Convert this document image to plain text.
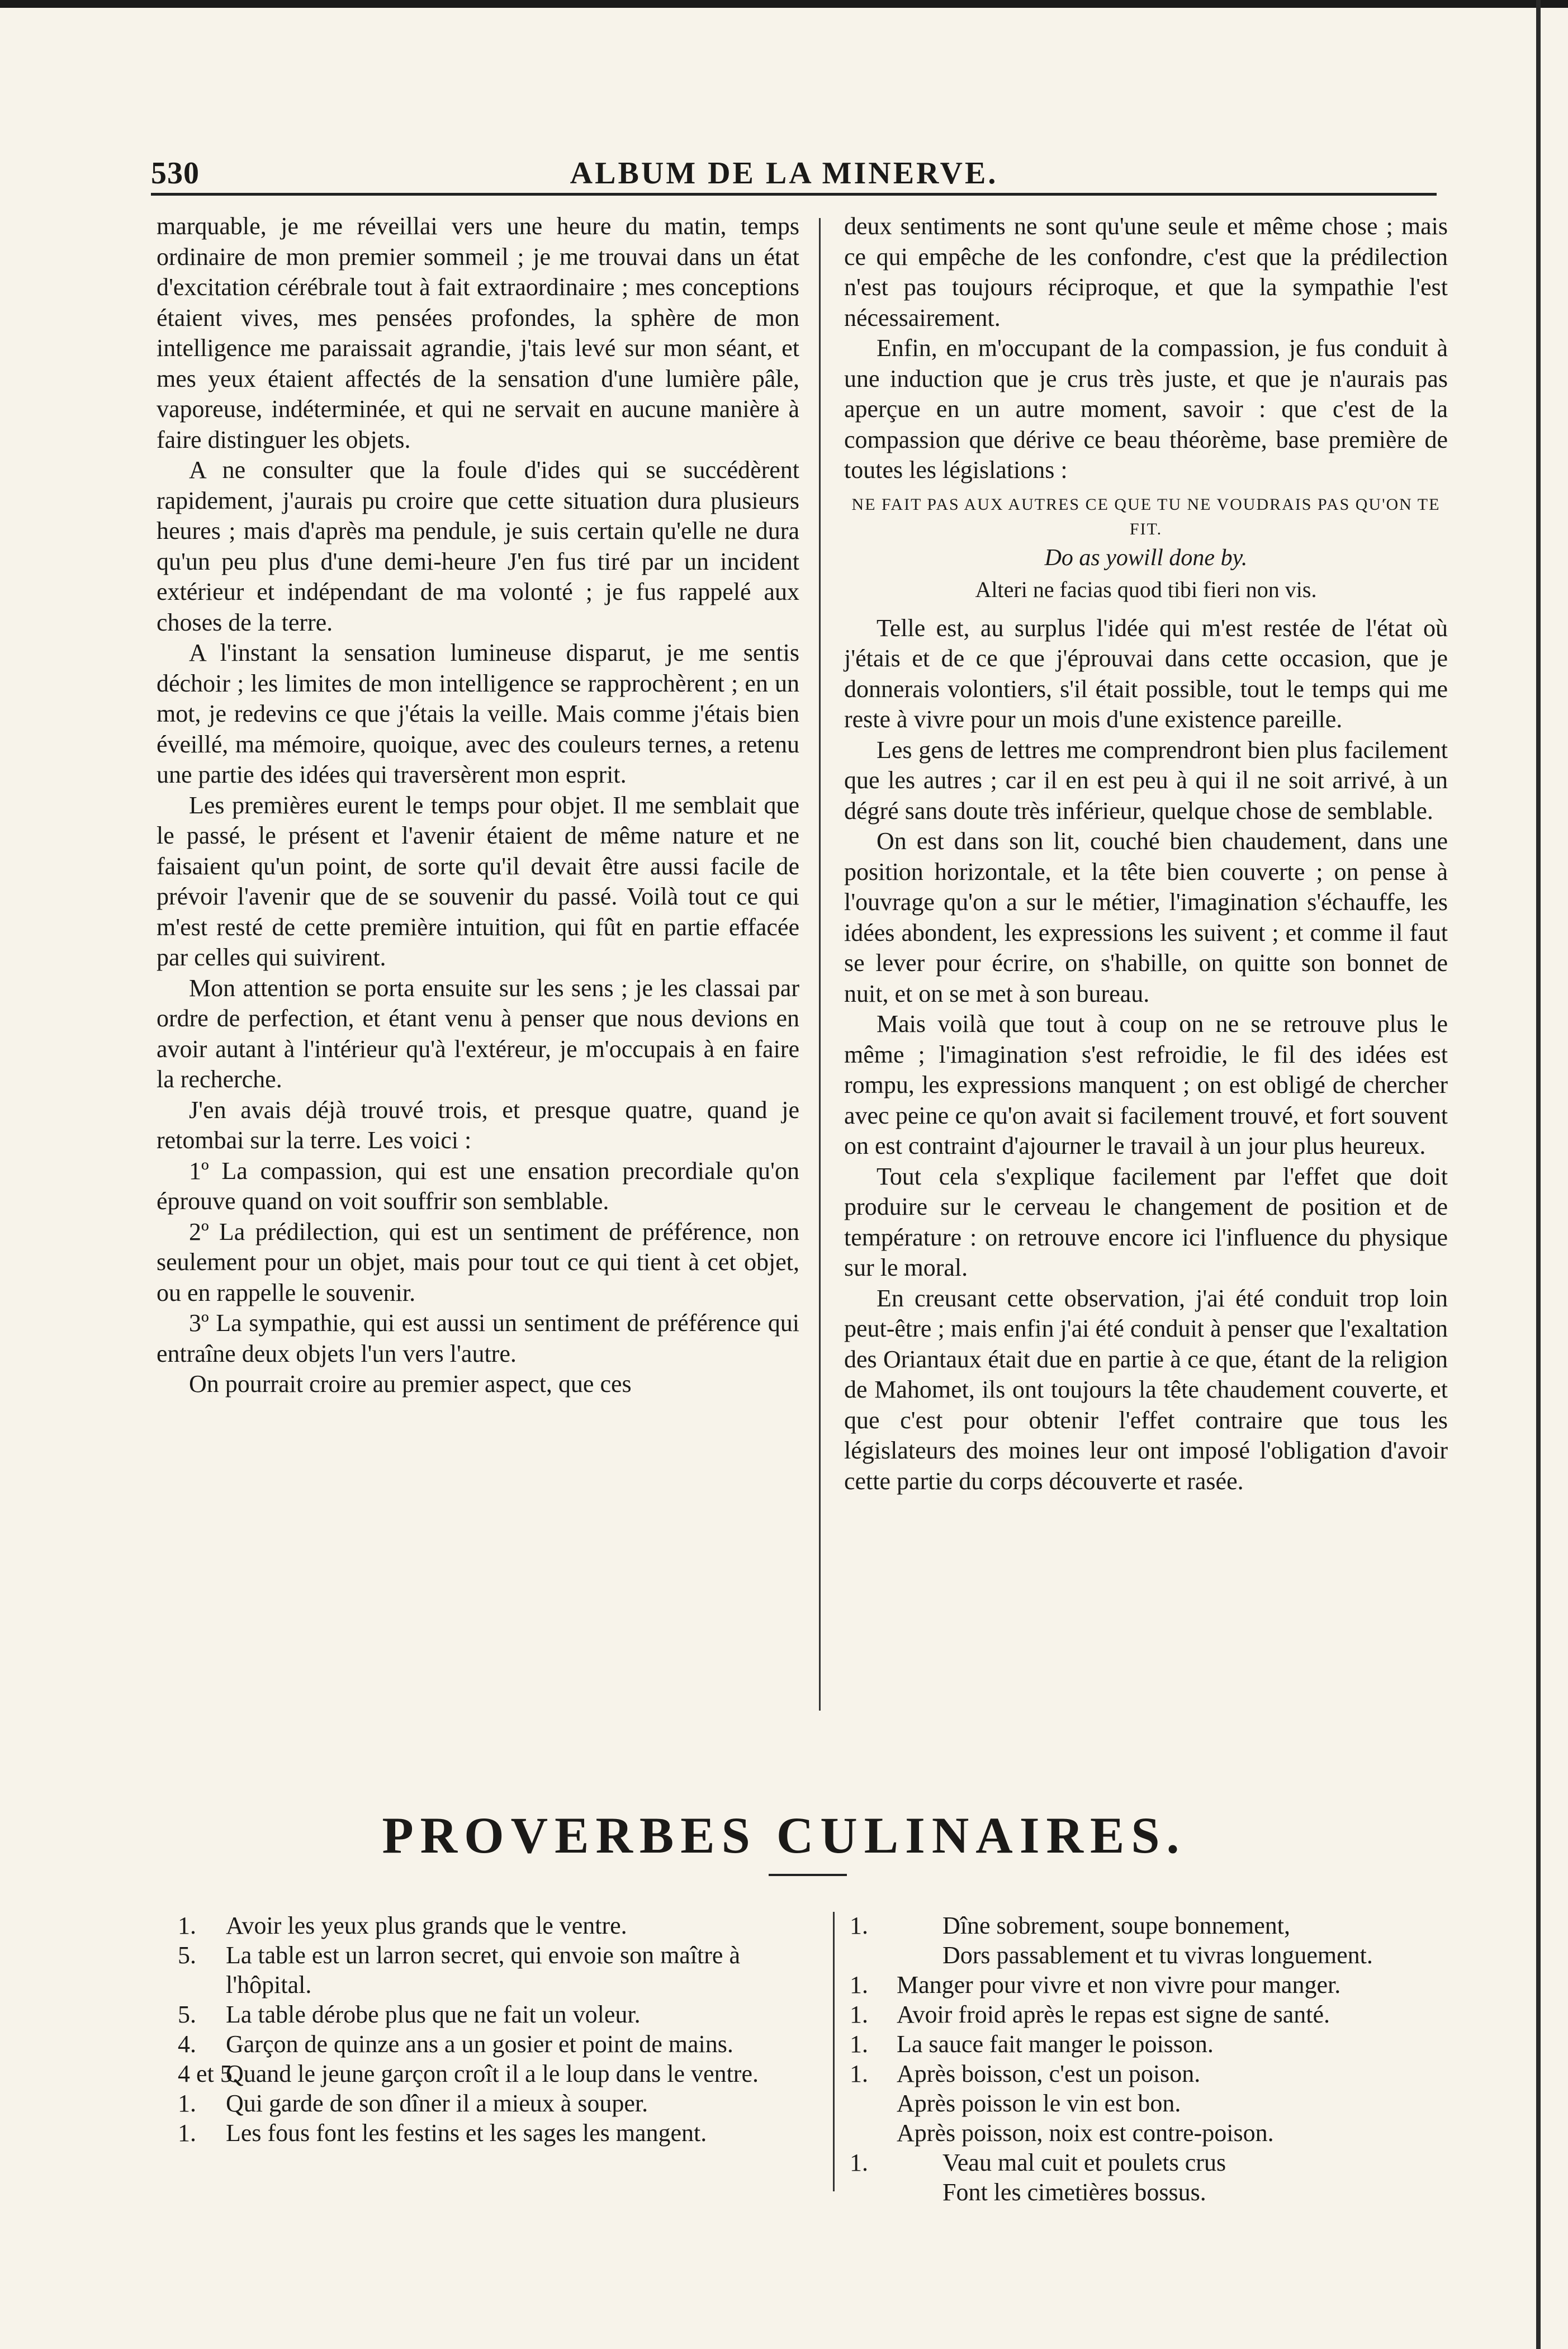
530	ALBUM DE LA MINERVE.

marquable, je me réveillai vers une heure du matin, temps ordinaire de mon premier sommeil ; je me trouvai dans un état d'excitation cérébrale tout à fait extraordinaire ; mes conceptions étaient vives, mes pensées profondes, la sphère de mon intelligence me paraissait agrandie, j'tais levé sur mon séant, et mes yeux étaient affectés de la sensation d'une lumière pâle, vaporeuse, indéterminée, et qui ne servait en aucune manière à faire distinguer les objets.

A ne consulter que la foule d'ides qui se succédèrent rapidement, j'aurais pu croire que cette situation dura plusieurs heures ; mais d'après ma pendule, je suis certain qu'elle ne dura qu'un peu plus d'une demi-heure J'en fus tiré par un incident extérieur et indépendant de ma volonté ; je fus rappelé aux choses de la terre.

A l'instant la sensation lumineuse disparut, je me sentis déchoir ; les limites de mon intelligence se rapprochèrent ; en un mot, je redevins ce que j'étais la veille. Mais comme j'étais bien éveillé, ma mémoire, quoique, avec des couleurs ternes, a retenu une partie des idées qui traversèrent mon esprit.

Les premières eurent le temps pour objet. Il me semblait que le passé, le présent et l'avenir étaient de même nature et ne faisaient qu'un point, de sorte qu'il devait être aussi facile de prévoir l'avenir que de se souvenir du passé. Voilà tout ce qui m'est resté de cette première intuition, qui fût en partie effacée par celles qui suivirent.

Mon attention se porta ensuite sur les sens ; je les classai par ordre de perfection, et étant venu à penser que nous devions en avoir autant à l'intérieur qu'à l'extéreur, je m'occupais à en faire la recherche.

J'en avais déjà trouvé trois, et presque quatre, quand je retombai sur la terre. Les voici :

1º La compassion, qui est une ensation precordiale qu'on éprouve quand on voit souffrir son semblable.

2º La prédilection, qui est un sentiment de préférence, non seulement pour un objet, mais pour tout ce qui tient à cet objet, ou en rappelle le souvenir.

3º La sympathie, qui est aussi un sentiment de préférence qui entraîne deux objets l'un vers l'autre.

On pourrait croire au premier aspect, que ces

deux sentiments ne sont qu'une seule et même chose ; mais ce qui empêche de les confondre, c'est que la prédilection n'est pas toujours réciproque, et que la sympathie l'est nécessairement.

Enfin, en m'occupant de la compassion, je fus conduit à une induction que je crus très juste, et que je n'aurais pas aperçue en un autre moment, savoir : que c'est de la compassion que dérive ce beau théorème, base première de toutes les législations :

NE FAIT PAS AUX AUTRES CE QUE TU NE VOUDRAIS PAS QU'ON TE FIT.
Do as yowill done by.
Alteri ne facias quod tibi fieri non vis.

Telle est, au surplus l'idée qui m'est restée de l'état où j'étais et de ce que j'éprouvai dans cette occasion, que je donnerais volontiers, s'il était possible, tout le temps qui me reste à vivre pour un mois d'une existence pareille.

Les gens de lettres me comprendront bien plus facilement que les autres ; car il en est peu à qui il ne soit arrivé, à un dégré sans doute très inférieur, quelque chose de semblable.

On est dans son lit, couché bien chaudement, dans une position horizontale, et la tête bien couverte ; on pense à l'ouvrage qu'on a sur le métier, l'imagination s'échauffe, les idées abondent, les expressions les suivent ; et comme il faut se lever pour écrire, on s'habille, on quitte son bonnet de nuit, et on se met à son bureau.

Mais voilà que tout à coup on ne se retrouve plus le même ; l'imagination s'est refroidie, le fil des idées est rompu, les expressions manquent ; on est obligé de chercher avec peine ce qu'on avait si facilement trouvé, et fort souvent on est contraint d'ajourner le travail à un jour plus heureux.

Tout cela s'explique facilement par l'effet que doit produire sur le cerveau le changement de position et de température : on retrouve encore ici l'influence du physique sur le moral.

En creusant cette observation, j'ai été conduit trop loin peut-être ; mais enfin j'ai été conduit à penser que l'exaltation des Oriantaux était due en partie à ce que, étant de la religion de Mahomet, ils ont toujours la tête chaudement couverte, et que c'est pour obtenir l'effet contraire que tous les législateurs des moines leur ont imposé l'obligation d'avoir cette partie du corps découverte et rasée.

PROVERBES CULINAIRES.
1.	Avoir les yeux plus grands que le ventre.
5.	La table est un larron secret, qui envoie son maître à l'hôpital.
5.	La table dérobe plus que ne fait un voleur.
4.	Garçon de quinze ans a un gosier et point de mains.
4 et 5.
Quand le jeune garçon croît il a le loup dans le ventre.
1.	Qui garde de son dîner il a mieux à souper.
1.	Les fous font les festins et les sages les mangent.
1.	Dîne sobrement, soupe bonnement,
Dors passablement et tu vivras longuement.
1.	Manger pour vivre et non vivre pour manger.
1.	Avoir froid après le repas est signe de santé.
1.	La sauce fait manger le poisson.
1.	Après boisson, c'est un poison.
Après poisson le vin est bon.
Après poisson, noix est contre-poison.
1.	Veau mal cuit et poulets crus
Font les cimetières bossus.
